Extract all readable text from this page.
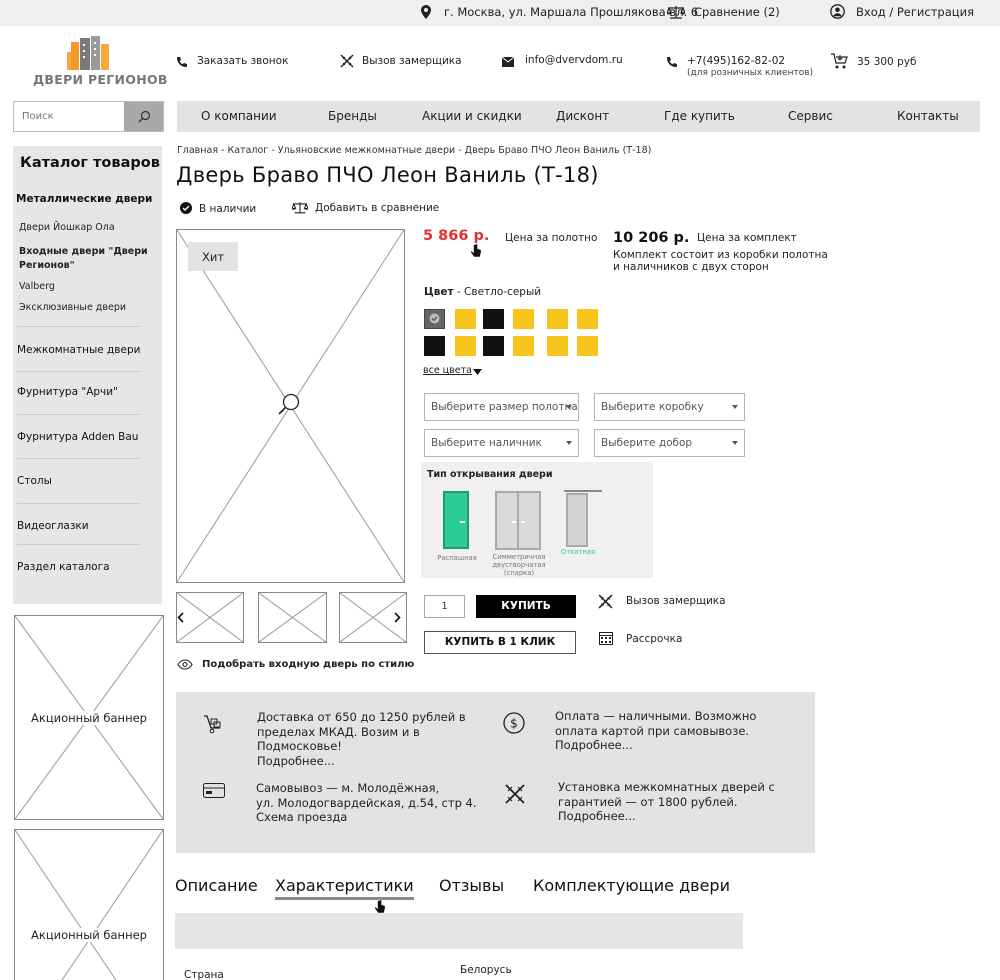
г. Москва, ул. Маршала Прошлякова вл. 6
Сравнение (2)	Вход / Регистрация
ДВЕРИ РЕГИОНОВ
Заказать звонок	Вызов замерщика	info@dvervdom.ru	+7(495)162-82-02
(для розничных клиентов)
35 300 руб
Поиск
О компании	Бренды	Акции и скидки	Дисконт	Где купить	Сервис	Контакты
Каталог товаров
Металлические двери
Двери Йошкар Ола
Входные двери "Двери Регионов"
Valberg
Эксклюзивные двери
Межкомнатные двери
Фурнитура "Арчи"
Фурнитура Adden Bau
Столы
Видеоглазки
Раздел каталога
Акционный баннер
Акционный баннер
Главная - Каталог - Ульяновские межкомнатные двери - Дверь Браво ПЧО Леон Ваниль (Т-18)
Дверь Браво ПЧО Леон Ваниль (Т-18)
В наличии	Добавить в сравнение
Хит
Подобрать входную дверь по стилю
5 866 р. Цена за полотно 10 206 р. Цена за комплект
Комплект состоит из коробки полотна
и наличников с двух сторон
Цвет - Светло-серый
все цвета
Выберите размер полотна	Выберите коробку
Выберите наличник	Выберите добор
Тип открывания двери
Распашная	Симметричная двустворчатая (спарка)
Откатная
1	КУПИТЬ
КУПИТЬ В 1 КЛИК
Вызов замерщика
Рассрочка
Доставка от 650 до 1250 рублей в
пределах МКАД. Возим и в
Подмосковье!
Подробнее...
$
Оплата — наличными. Возможно
оплата картой при самовывозе.
Подробнее...
Самовывоз — м. Молодёжная,
ул. Молодогвардейская, д.54, стр 4.
Схема проезда
Установка межкомнатных дверей с
гарантией — от 1800 рублей.
Подробнее...
Описание Характеристики Отзывы Комплектующие двери
Страна	Белорусь
